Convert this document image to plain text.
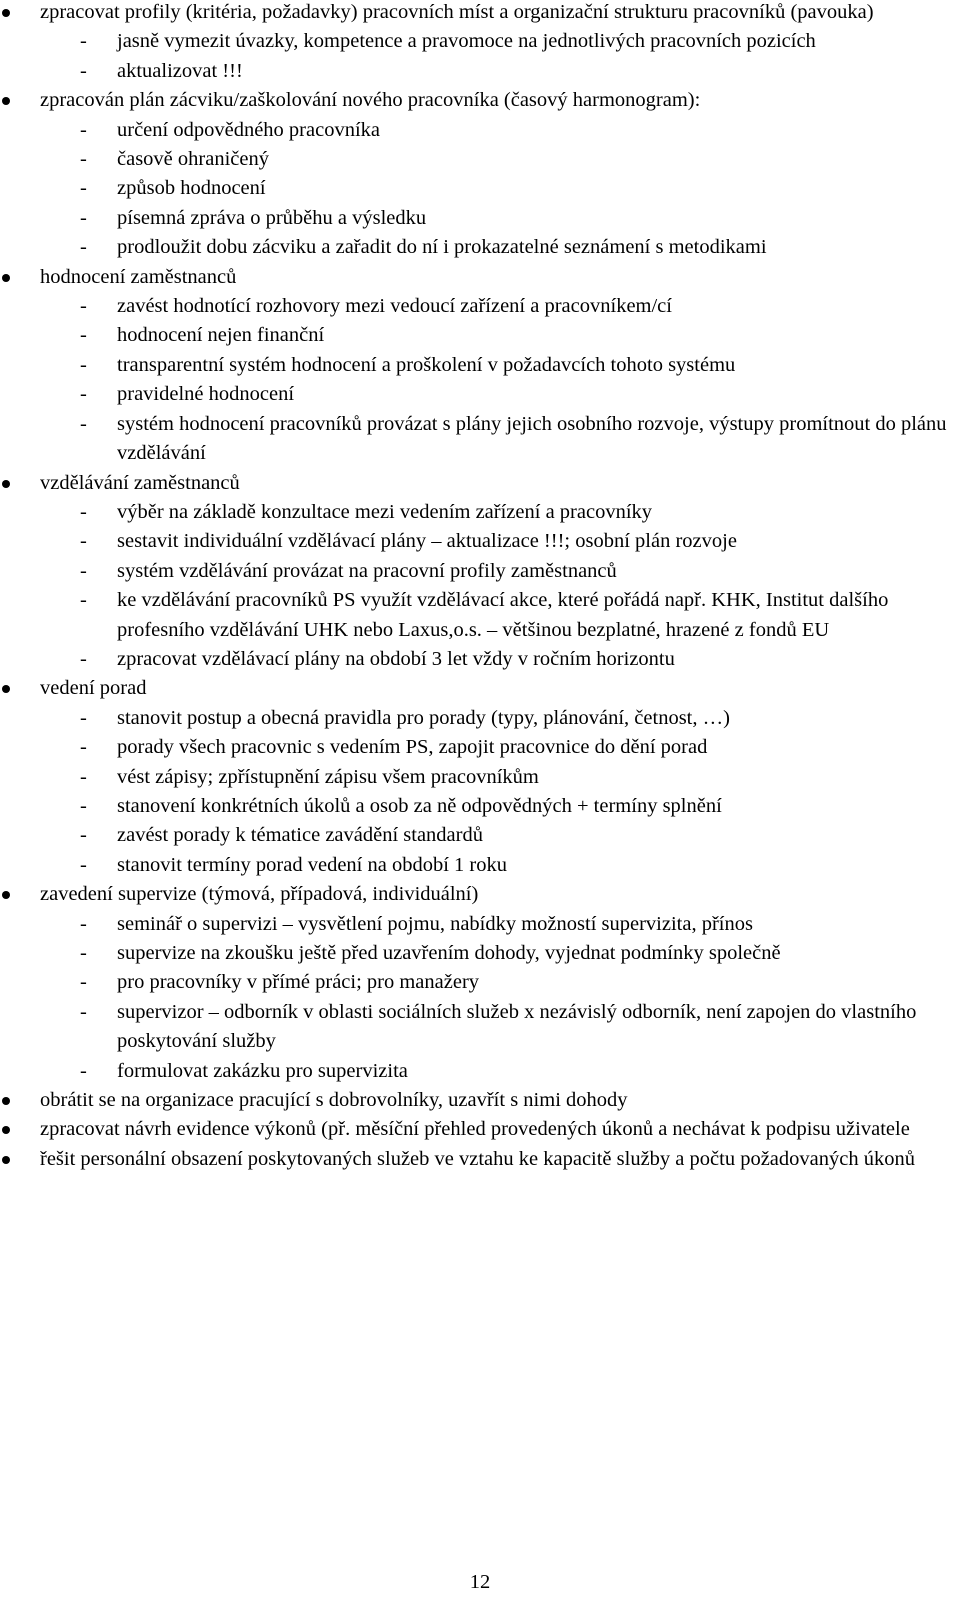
zpracovat profily (kritéria, požadavky) pracovních míst a organizační strukturu pracovníků (pavouka)
- jasně vymezit úvazky, kompetence a pravomoce na jednotlivých pracovních pozicích
- aktualizovat !!!
zpracován plán zácviku/zaškolování nového pracovníka (časový harmonogram):
- určení odpovědného pracovníka
- časově ohraničený
- způsob hodnocení
- písemná zpráva o průběhu a výsledku
- prodloužit dobu zácviku a zařadit do ní i prokazatelné seznámení s metodikami
hodnocení zaměstnanců
- zavést hodnotící rozhovory mezi vedoucí zařízení a pracovníkem/cí
- hodnocení nejen finanční
- transparentní systém hodnocení a proškolení v požadavcích tohoto systému
- pravidelné hodnocení
- systém hodnocení pracovníků provázat s plány jejich osobního rozvoje, výstupy promítnout do plánu vzdělávání
vzdělávání zaměstnanců
- výběr na základě konzultace mezi vedením zařízení a pracovníky
- sestavit individuální vzdělávací plány – aktualizace !!!; osobní plán rozvoje
- systém vzdělávání provázat na pracovní profily zaměstnanců
- ke vzdělávání pracovníků PS využít vzdělávací akce, které pořádá např. KHK, Institut dalšího profesního vzdělávání UHK nebo Laxus,o.s. – většinou bezplatné, hrazené z fondů EU
- zpracovat vzdělávací plány na období 3 let vždy v ročním horizontu
vedení porad
- stanovit postup a obecná pravidla pro porady (typy, plánování, četnost, …)
- porady všech pracovnic s vedením PS, zapojit pracovnice do dění porad
- vést zápisy; zpřístupnění zápisu všem pracovníkům
- stanovení konkrétních úkolů a osob za ně odpovědných + termíny splnění
- zavést porady k tématice zavádění standardů
- stanovit termíny porad vedení na období 1 roku
zavedení supervize (týmová, případová, individuální)
- seminář o supervizi – vysvětlení pojmu, nabídky možností supervizita, přínos
- supervize na zkoušku ještě před uzavřením dohody, vyjednat podmínky společně
- pro pracovníky v přímé práci; pro manažery
- supervizor – odborník v oblasti sociálních služeb x nezávislý odborník, není zapojen do vlastního poskytování služby
- formulovat zakázku pro supervizita
obrátit se na organizace pracující s dobrovolníky, uzavřít s nimi dohody
zpracovat návrh evidence výkonů (př. měsíční přehled provedených úkonů a nechávat k podpisu uživatele
řešit personální obsazení poskytovaných služeb ve vztahu ke kapacitě služby a počtu požadovaných úkonů
12
